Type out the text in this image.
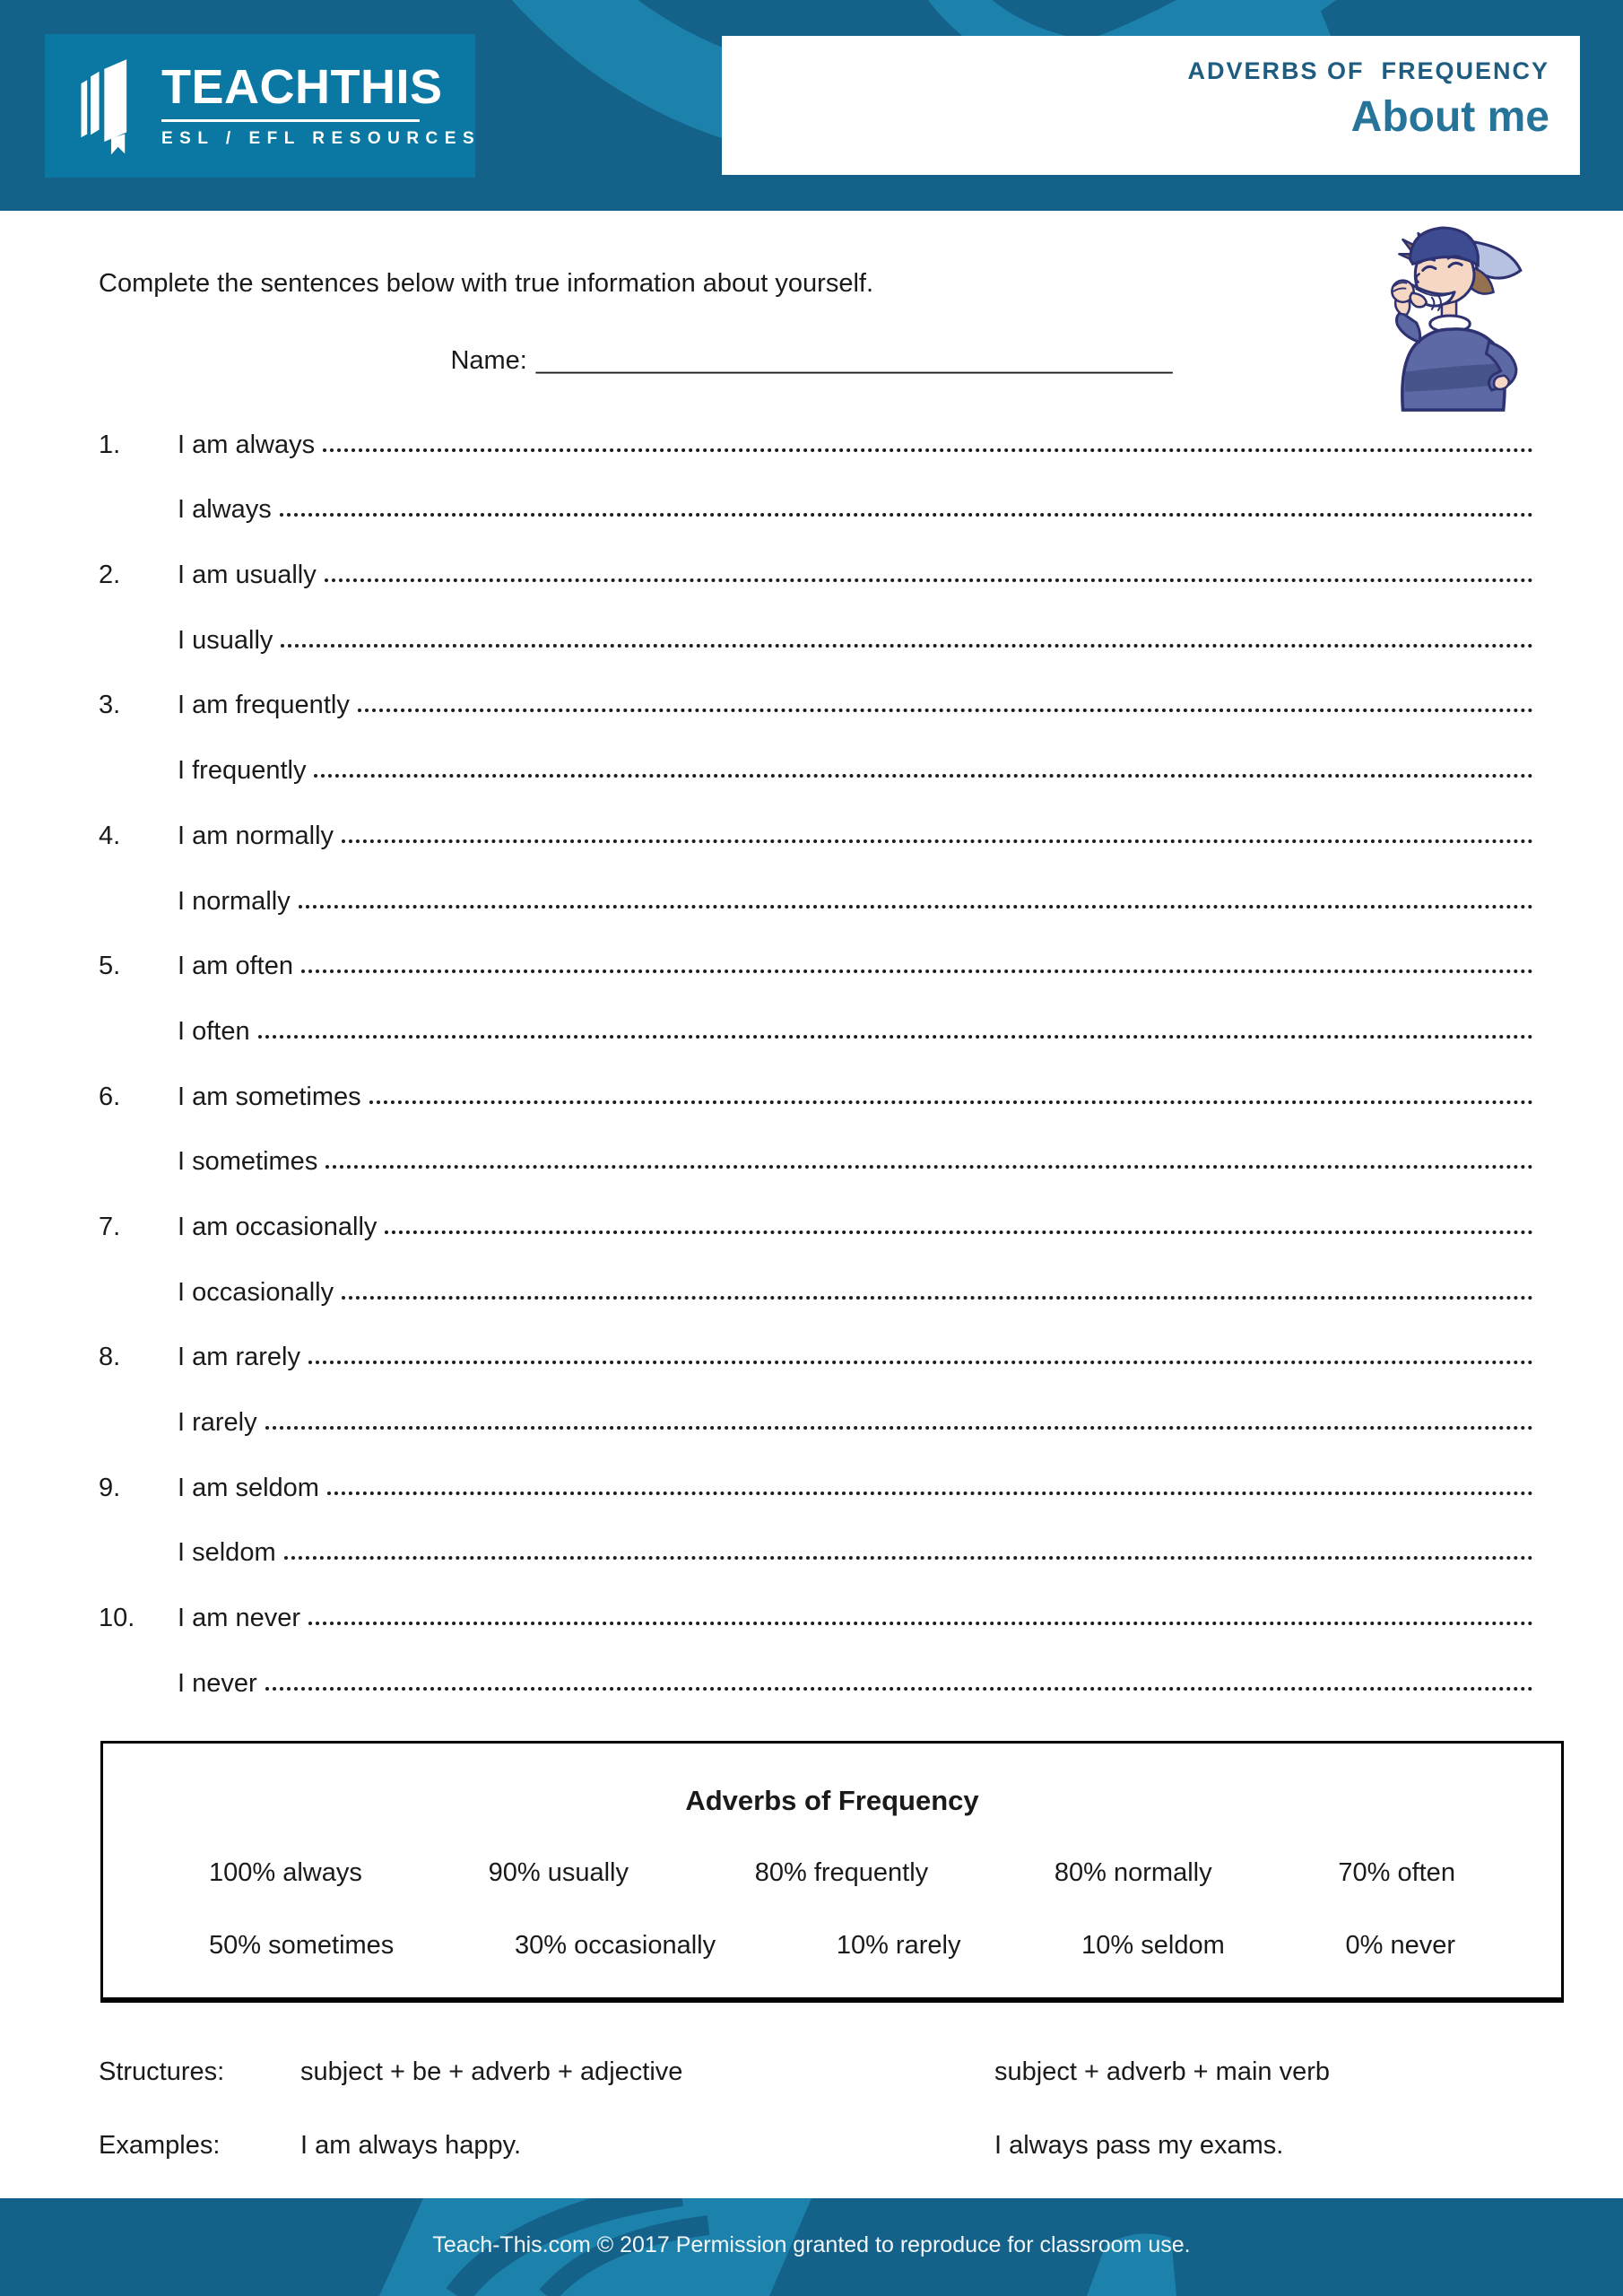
TEACHTHIS
ESL / EFL RESOURCES
ADVERBS OF  FREQUENCY
About me
Complete the sentences below with true information about yourself.
Name: ____________________________________________
1.	I am always
I always
2.	I am usually
I usually
3.	I am frequently
I frequently
4.	I am normally
I normally
5.	I am often
I often
6.	I am sometimes
I sometimes
7.	I am occasionally
I occasionally
8.	I am rarely
I rarely
9.	I am seldom
I seldom
10.	I am never
I never
Adverbs of Frequency
100% always	90% usually	80% frequently	80% normally	70% often
50% sometimes	30% occasionally	10% rarely	10% seldom	0% never
Structures:	subject + be + adverb + adjective	subject + adverb + main verb
Examples:	I am always happy.	I always pass my exams.
Teach-This.com © 2017 Permission granted to reproduce for classroom use.
